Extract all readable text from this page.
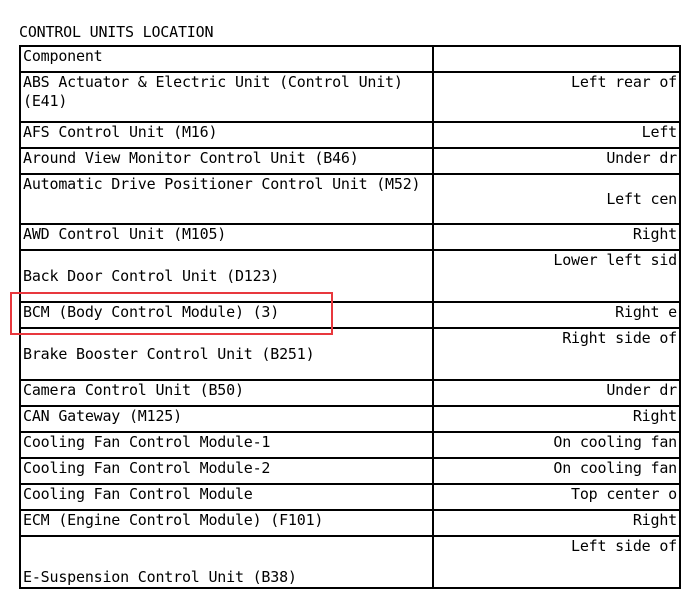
CONTROL UNITS LOCATION
Component	
ABS Actuator & Electric Unit (Control Unit) (E41)	Left rear of
AFS Control Unit (M16)	Left
Around View Monitor Control Unit (B46)	Under dr
Automatic Drive Positioner Control Unit (M52)	Left cen
AWD Control Unit (M105)	Right
Back Door Control Unit (D123)	Lower left sid
BCM (Body Control Module) (3)	Right e
Brake Booster Control Unit (B251)	Right side of
Camera Control Unit (B50)	Under dr
CAN Gateway (M125)	Right
Cooling Fan Control Module-1	On cooling fan
Cooling Fan Control Module-2	On cooling fan
Cooling Fan Control Module	Top center o
ECM (Engine Control Module) (F101)	Right
E-Suspension Control Unit (B38)	Left side of
